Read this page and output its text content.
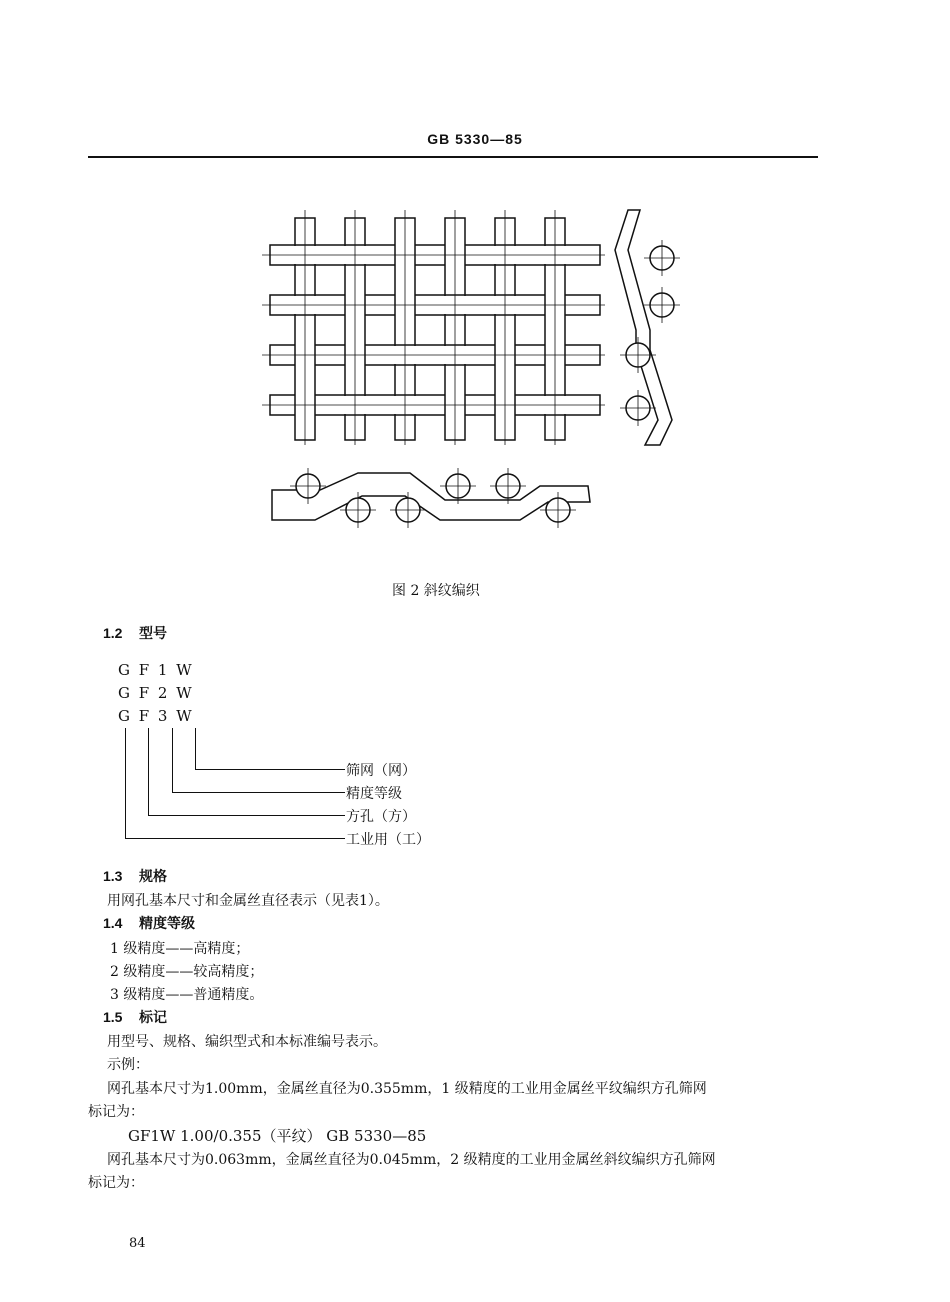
GB 5330—85
图 2 斜纹编织
1.2 型号
G F 1 W
G F 2 W
G F 3 W
筛网（网）
精度等级
方孔（方）
工业用（工）
1.3 规格
用网孔基本尺寸和金属丝直径表示（见表1）。
1.4 精度等级
1 级精度——高精度；
2 级精度——较高精度；
3 级精度——普通精度。
1.5 标记
用型号、规格、编织型式和本标准编号表示。
示例：
网孔基本尺寸为1.00mm，金属丝直径为0.355mm，1 级精度的工业用金属丝平纹编织方孔筛网
标记为：
GF1W 1.00/0.355（平纹） GB 5330—85
网孔基本尺寸为0.063mm，金属丝直径为0.045mm，2 级精度的工业用金属丝斜纹编织方孔筛网
标记为：
84
